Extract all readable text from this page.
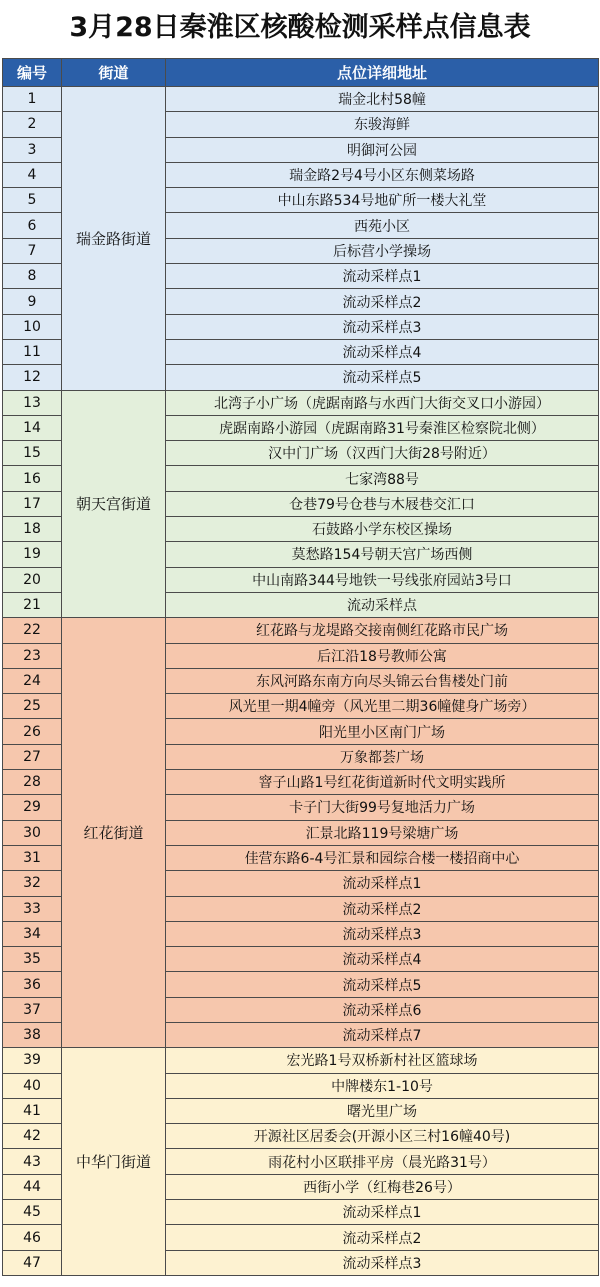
3月28日秦淮区核酸检测采样点信息表
编号	街道	点位详细地址
1	瑞金路街道	瑞金北村58幢
2		东骏海鲜
3		明御河公园
4		瑞金路2号4号小区东侧菜场路
5		中山东路534号地矿所一楼大礼堂
6		西苑小区
7		后标营小学操场
8		流动采样点1
9		流动采样点2
10		流动采样点3
11		流动采样点4
12		流动采样点5
13	朝天宫街道	北湾子小广场（虎踞南路与水西门大街交叉口小游园）
14		虎踞南路小游园（虎踞南路31号秦淮区检察院北侧）
15		汉中门广场（汉西门大街28号附近）
16		七家湾88号
17		仓巷79号仓巷与木屐巷交汇口
18		石鼓路小学东校区操场
19		莫愁路154号朝天宫广场西侧
20		中山南路344号地铁一号线张府园站3号口
21		流动采样点
22	红花街道	红花路与龙堤路交接南侧红花路市民广场
23		后江沿18号教师公寓
24		东风河路东南方向尽头锦云台售楼处门前
25		风光里一期4幢旁（风光里二期36幢健身广场旁）
26		阳光里小区南门广场
27		万象都荟广场
28		窨子山路1号红花街道新时代文明实践所
29		卡子门大街99号复地活力广场
30		汇景北路119号梁塘广场
31		佳营东路6-4号汇景和园综合楼一楼招商中心
32		流动采样点1
33		流动采样点2
34		流动采样点3
35		流动采样点4
36		流动采样点5
37		流动采样点6
38		流动采样点7
39	中华门街道	宏光路1号双桥新村社区篮球场
40		中牌楼东1-10号
41		曙光里广场
42		开源社区居委会(开源小区三村16幢40号)
43		雨花村小区联排平房（晨光路31号）
44		西街小学（红梅巷26号）
45		流动采样点1
46		流动采样点2
47		流动采样点3
